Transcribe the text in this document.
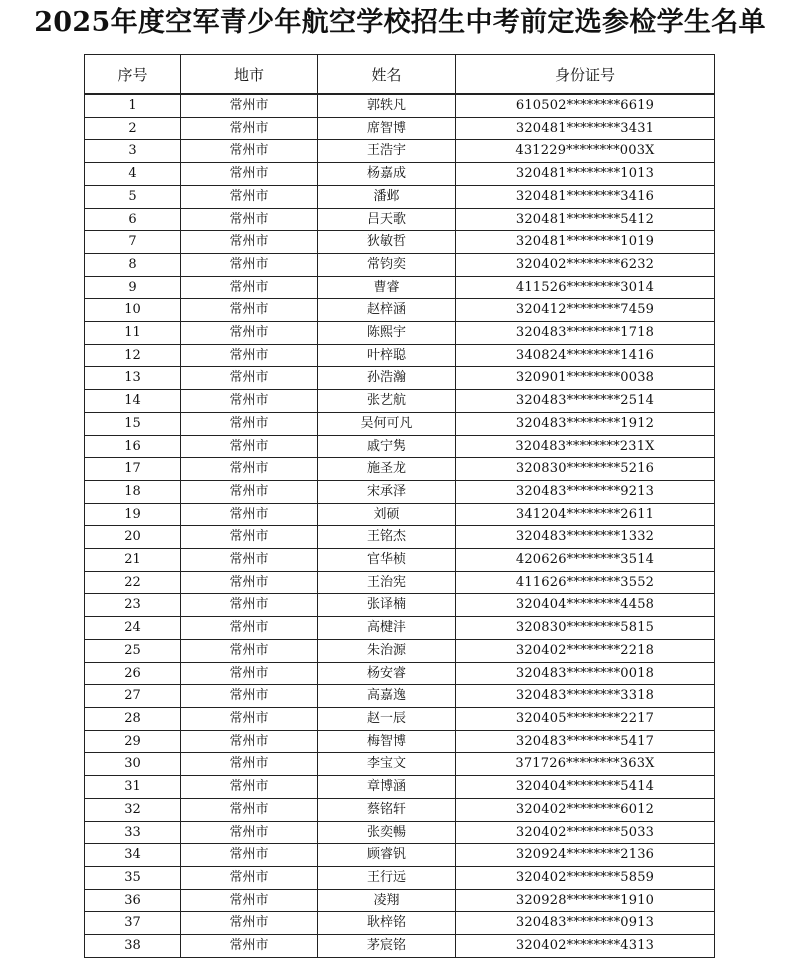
2025年度空军青少年航空学校招生中考前定选参检学生名单
序号	地市	姓名	身份证号
1	常州市	郭轶凡	610502********6619
2	常州市	席智博	320481********3431
3	常州市	王浩宇	431229********003X
4	常州市	杨嘉成	320481********1013
5	常州市	潘邺	320481********3416
6	常州市	吕天歌	320481********5412
7	常州市	狄敏哲	320481********1019
8	常州市	常钧奕	320402********6232
9	常州市	曹睿	411526********3014
10	常州市	赵梓涵	320412********7459
11	常州市	陈熙宇	320483********1718
12	常州市	叶梓聪	340824********1416
13	常州市	孙浩瀚	320901********0038
14	常州市	张艺航	320483********2514
15	常州市	吴何可凡	320483********1912
16	常州市	戚宁隽	320483********231X
17	常州市	施圣龙	320830********5216
18	常州市	宋承泽	320483********9213
19	常州市	刘硕	341204********2611
20	常州市	王铭杰	320483********1332
21	常州市	官华桢	420626********3514
22	常州市	王治宪	411626********3552
23	常州市	张译楠	320404********4458
24	常州市	高楗沣	320830********5815
25	常州市	朱治源	320402********2218
26	常州市	杨安睿	320483********0018
27	常州市	高嘉逸	320483********3318
28	常州市	赵一辰	320405********2217
29	常州市	梅智博	320483********5417
30	常州市	李宝文	371726********363X
31	常州市	章博涵	320404********5414
32	常州市	蔡铭轩	320402********6012
33	常州市	张奕暢	320402********5033
34	常州市	顾睿钒	320924********2136
35	常州市	王行远	320402********5859
36	常州市	凌翔	320928********1910
37	常州市	耿梓铭	320483********0913
38	常州市	茅宸铭	320402********4313
